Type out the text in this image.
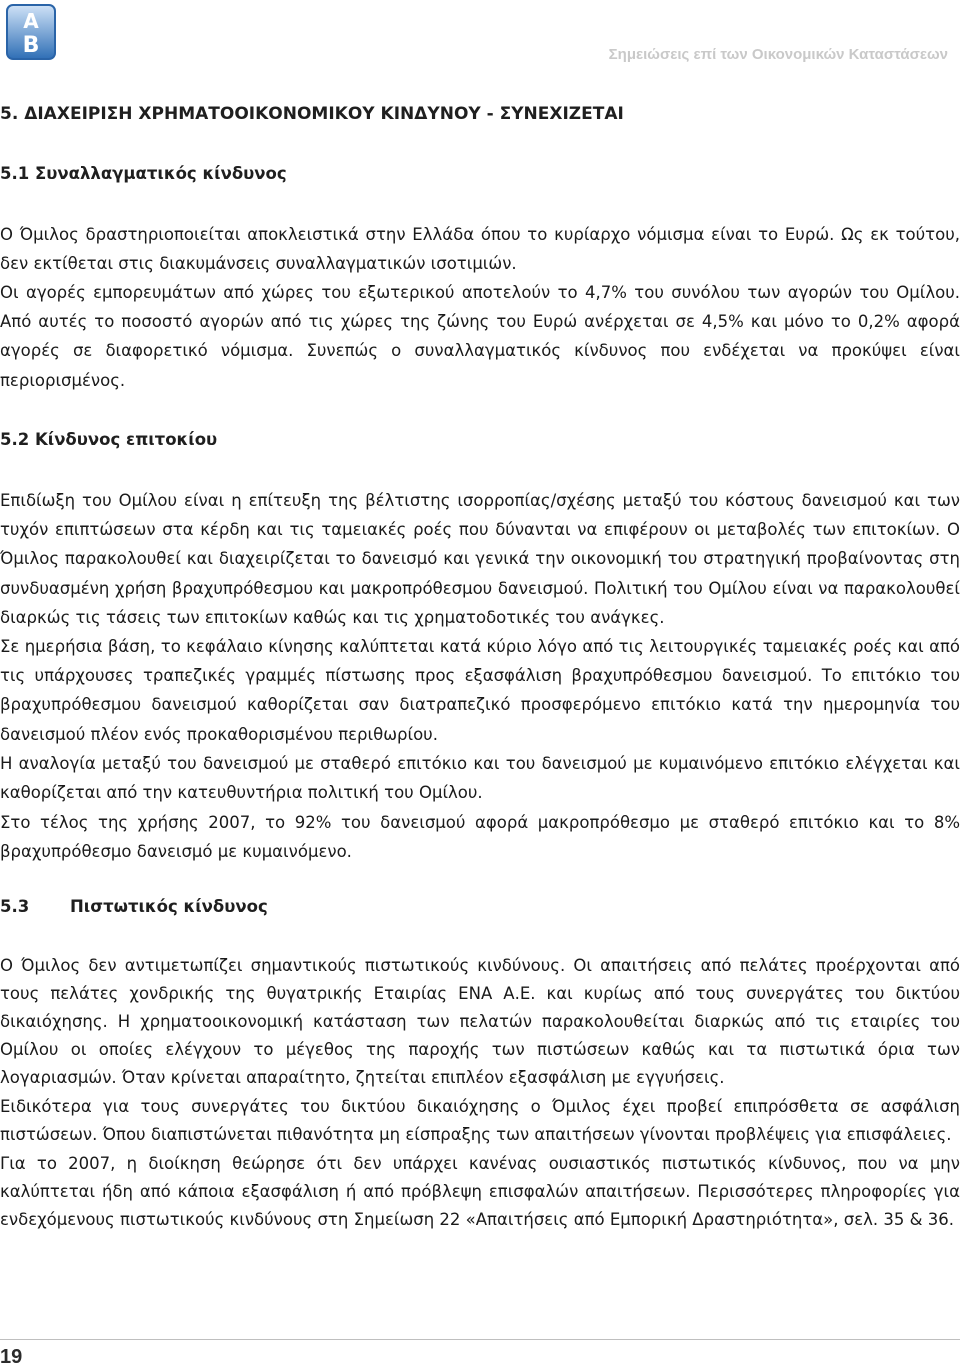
A
B	Σημειώσεις επί των Οικονομικών Καταστάσεων
5. ΔΙΑΧΕΙΡΙΣΗ ΧΡΗΜΑΤΟΟΙΚΟΝΟΜΙΚΟΥ ΚΙΝΔΥΝΟΥ - ΣΥΝΕΧΙΖΕΤΑΙ
5.1 Συναλλαγματικός κίνδυνος

Ο Όμιλος δραστηριοποιείται αποκλειστικά στην Ελλάδα όπου το κυρίαρχο νόμισμα είναι το Ευρώ. Ως εκ τούτου, δεν εκτίθεται στις διακυμάνσεις συναλλαγματικών ισοτιμιών.

Οι αγορές εμπορευμάτων από χώρες του εξωτερικού αποτελούν το 4,7% του συνόλου των αγορών του Ομίλου. Από αυτές το ποσοστό αγορών από τις χώρες της ζώνης του Ευρώ ανέρχεται σε 4,5% και μόνο το 0,2% αφορά αγορές σε διαφορετικό νόμισμα. Συνεπώς ο συναλλαγματικός κίνδυνος που ενδέχεται να προκύψει είναι περιορισμένος.

5.2 Κίνδυνος επιτοκίου

Επιδίωξη του Ομίλου είναι η επίτευξη της βέλτιστης ισορροπίας/σχέσης μεταξύ του κόστους δανεισμού και των τυχόν επιπτώσεων στα κέρδη και τις ταμειακές ροές που δύνανται να επιφέρουν οι μεταβολές των επιτοκίων. Ο Όμιλος παρακολουθεί και διαχειρίζεται το δανεισμό και γενικά την οικονομική του στρατηγική προβαίνοντας στη συνδυασμένη χρήση βραχυπρόθεσμου και μακροπρόθεσμου δανεισμού. Πολιτική του Ομίλου είναι να παρακολουθεί διαρκώς τις τάσεις των επιτοκίων καθώς και τις χρηματοδοτικές του ανάγκες.

Σε ημερήσια βάση, το κεφάλαιο κίνησης καλύπτεται κατά κύριο λόγο από τις λειτουργικές ταμειακές ροές και από τις υπάρχουσες τραπεζικές γραμμές πίστωσης προς εξασφάλιση βραχυπρόθεσμου δανεισμού. Το επιτόκιο του βραχυπρόθεσμου δανεισμού καθορίζεται σαν διατραπεζικό προσφερόμενο επιτόκιο κατά την ημερομηνία του δανεισμού πλέον ενός προκαθορισμένου περιθωρίου.

Η αναλογία μεταξύ του δανεισμού με σταθερό επιτόκιο και του δανεισμού με κυμαινόμενο επιτόκιο ελέγχεται και καθορίζεται από την κατευθυντήρια πολιτική του Ομίλου.

Στο τέλος της χρήσης 2007, το 92% του δανεισμού αφορά μακροπρόθεσμο με σταθερό επιτόκιο και το 8% βραχυπρόθεσμο δανεισμό με κυμαινόμενο.

5.3 Πιστωτικός κίνδυνος

Ο Όμιλος δεν αντιμετωπίζει σημαντικούς πιστωτικούς κινδύνους. Οι απαιτήσεις από πελάτες προέρχονται από τους πελάτες χονδρικής της θυγατρικής Εταιρίας ΕΝΑ Α.Ε. και κυρίως από τους συνεργάτες του δικτύου δικαιόχησης. Η χρηματοοικονομική κατάσταση των πελατών παρακολουθείται διαρκώς από τις εταιρίες του Ομίλου οι οποίες ελέγχουν το μέγεθος της παροχής των πιστώσεων καθώς και τα πιστωτικά όρια των λογαριασμών. Όταν κρίνεται απαραίτητο, ζητείται επιπλέον εξασφάλιση με εγγυήσεις.

Ειδικότερα για τους συνεργάτες του δικτύου δικαιόχησης ο Όμιλος έχει προβεί επιπρόσθετα σε ασφάλιση πιστώσεων. Όπου διαπιστώνεται πιθανότητα μη είσπραξης των απαιτήσεων γίνονται προβλέψεις για επισφάλειες.

Για το 2007, η διοίκηση θεώρησε ότι δεν υπάρχει κανένας ουσιαστικός πιστωτικός κίνδυνος, που να μην καλύπτεται ήδη από κάποια εξασφάλιση ή από πρόβλεψη επισφαλών απαιτήσεων. Περισσότερες πληροφορίες για ενδεχόμενους πιστωτικούς κινδύνους στη Σημείωση 22 «Απαιτήσεις από Εμπορική Δραστηριότητα», σελ. 35 & 36.

19
